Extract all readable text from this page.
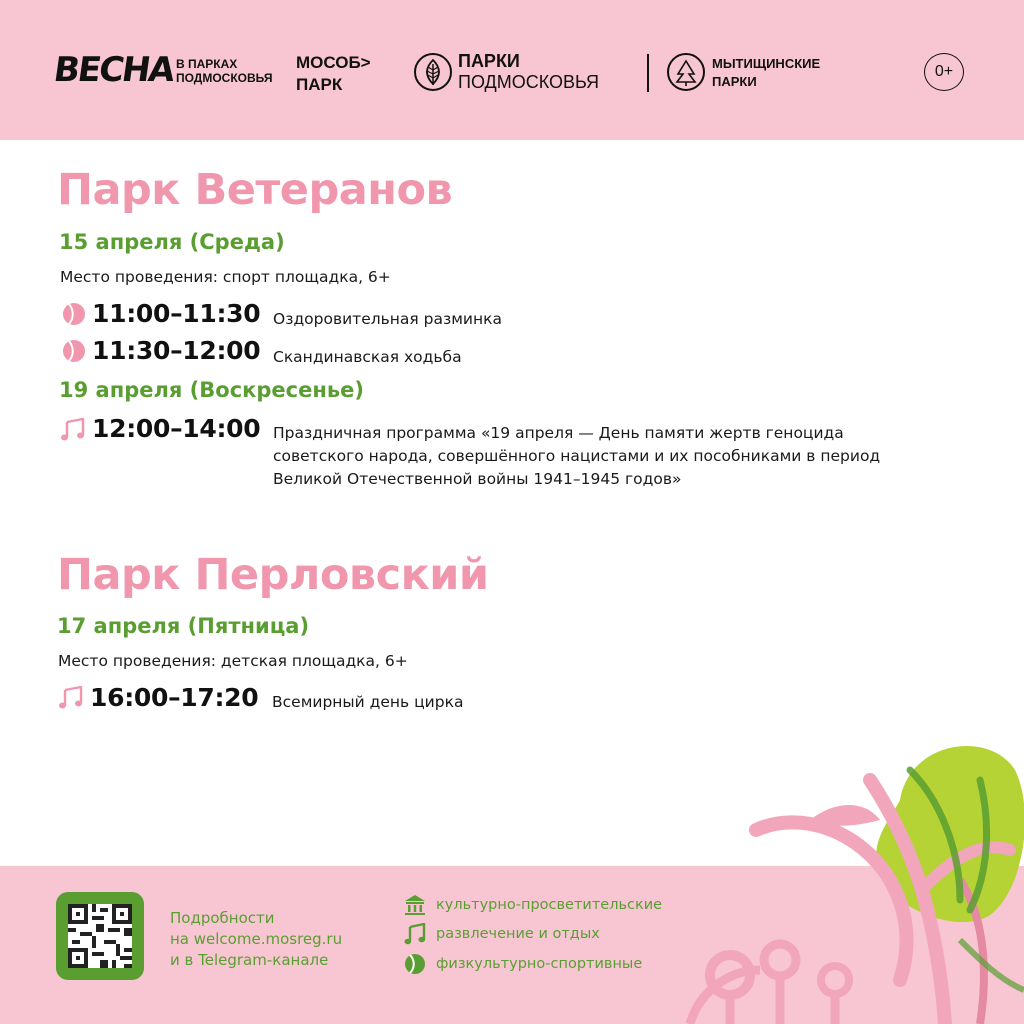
ВЕСНА В ПАРКАХ
ПОДМОСКОВЬЯ
МОСОБ>
ПАРК
ПАРКИ
ПОДМОСКОВЬЯ
МЫТИЩИНСКИЕ
ПАРКИ
0+
Парк Ветеранов
15 апреля (Среда)
Место проведения: спорт площадка, 6+
11:00–11:30 Оздоровительная разминка
11:30–12:00 Скандинавская ходьба
19 апреля (Воскресенье)
12:00–14:00 Праздничная программа «19 апреля — День памяти жертв геноцида
советского народа, совершённого нацистами и их пособниками в период
Великой Отечественной войны 1941–1945 годов»
Парк Перловский
17 апреля (Пятница)
Место проведения: детская площадка, 6+
16:00–17:20 Всемирный день цирка
Подробности
на welcome.mosreg.ru
и в Telegram-канале
культурно-просветительские
развлечение и отдых
физкультурно-спортивные
